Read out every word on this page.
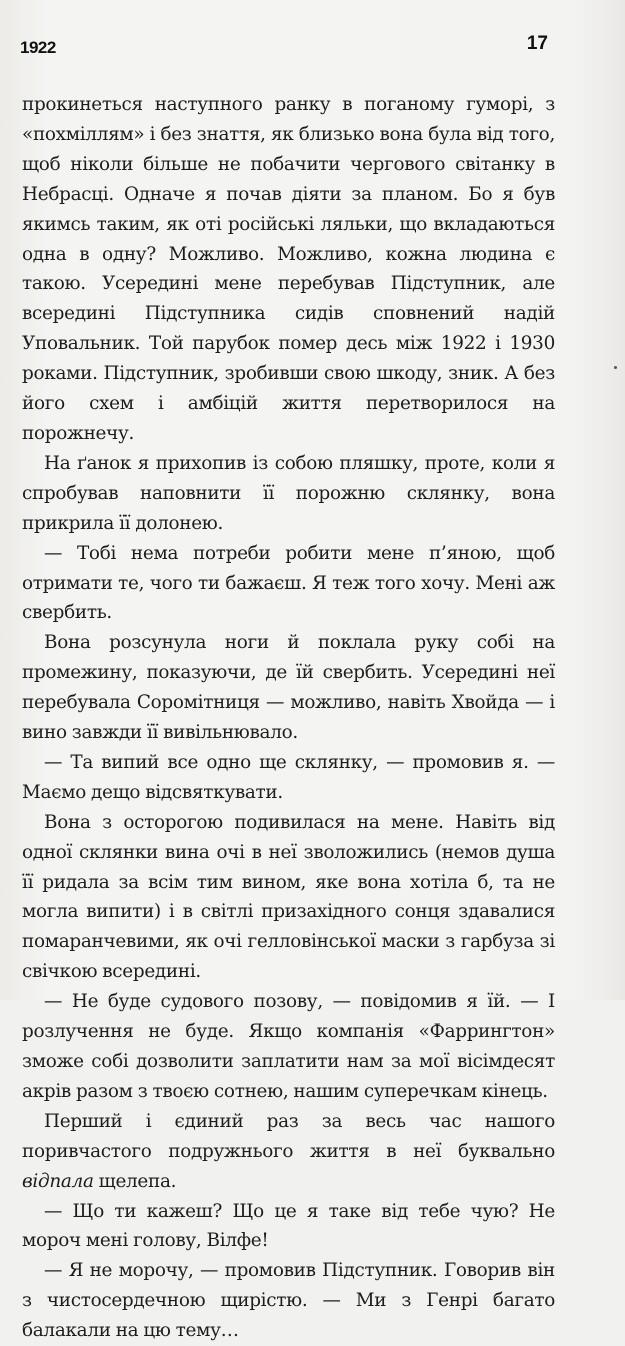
1922	17

прокинеться наступного ранку в поганому гуморі, з «похміллям» і без знаття, як близько вона була від того, щоб ніколи більше не побачити чергового світанку в Небрасці. Одначе я почав діяти за планом. Бо я був якимсь таким, як оті російські ляльки, що вкладаються одна в одну? Можливо. Можливо, кожна людина є такою. Усередині мене перебував Підступник, але всередині Підступника сидів сповнений надій Уповальник. Той парубок помер десь між 1922 і 1930 роками. Підступник, зробивши свою шкоду, зник. А без його схем і амбіцій життя перетворилося на порожнечу.

На ґанок я прихопив із собою пляшку, проте, коли я спробував наповнити її порожню склянку, вона прикрила її долонею.

— Тобі нема потреби робити мене п’яною, щоб отримати те, чого ти бажаєш. Я теж того хочу. Мені аж свербить.

Вона розсунула ноги й поклала руку собі на промежину, показуючи, де їй свербить. Усередині неї перебувала Соромітниця — можливо, навіть Хвойда — і вино завжди її вивільнювало.

— Та випий все одно ще склянку, — промовив я. — Маємо дещо відсвяткувати.

Вона з осторогою подивилася на мене. Навіть від одної склянки вина очі в неї зволожились (немов душа її ридала за всім тим вином, яке вона хотіла б, та не могла випити) і в світлі призахідного сонця здавалися помаранчевими, як очі гелловінської маски з гарбуза зі свічкою всередині.

— Не буде судового позову, — повідомив я їй. — І розлучення не буде. Якщо компанія «Фаррингтон» зможе собі дозволити заплатити нам за мої вісімдесят акрів разом з твоєю сотнею, нашим суперечкам кінець.

Перший і єдиний раз за весь час нашого поривчастого подружнього життя в неї буквально відпала щелепа.

— Що ти кажеш? Що це я таке від тебе чую? Не мороч мені голову, Вілфе!

— Я не морочу, — промовив Підступник. Говорив він з чистосердечною щирістю. — Ми з Генрі багато балакали на цю тему…
